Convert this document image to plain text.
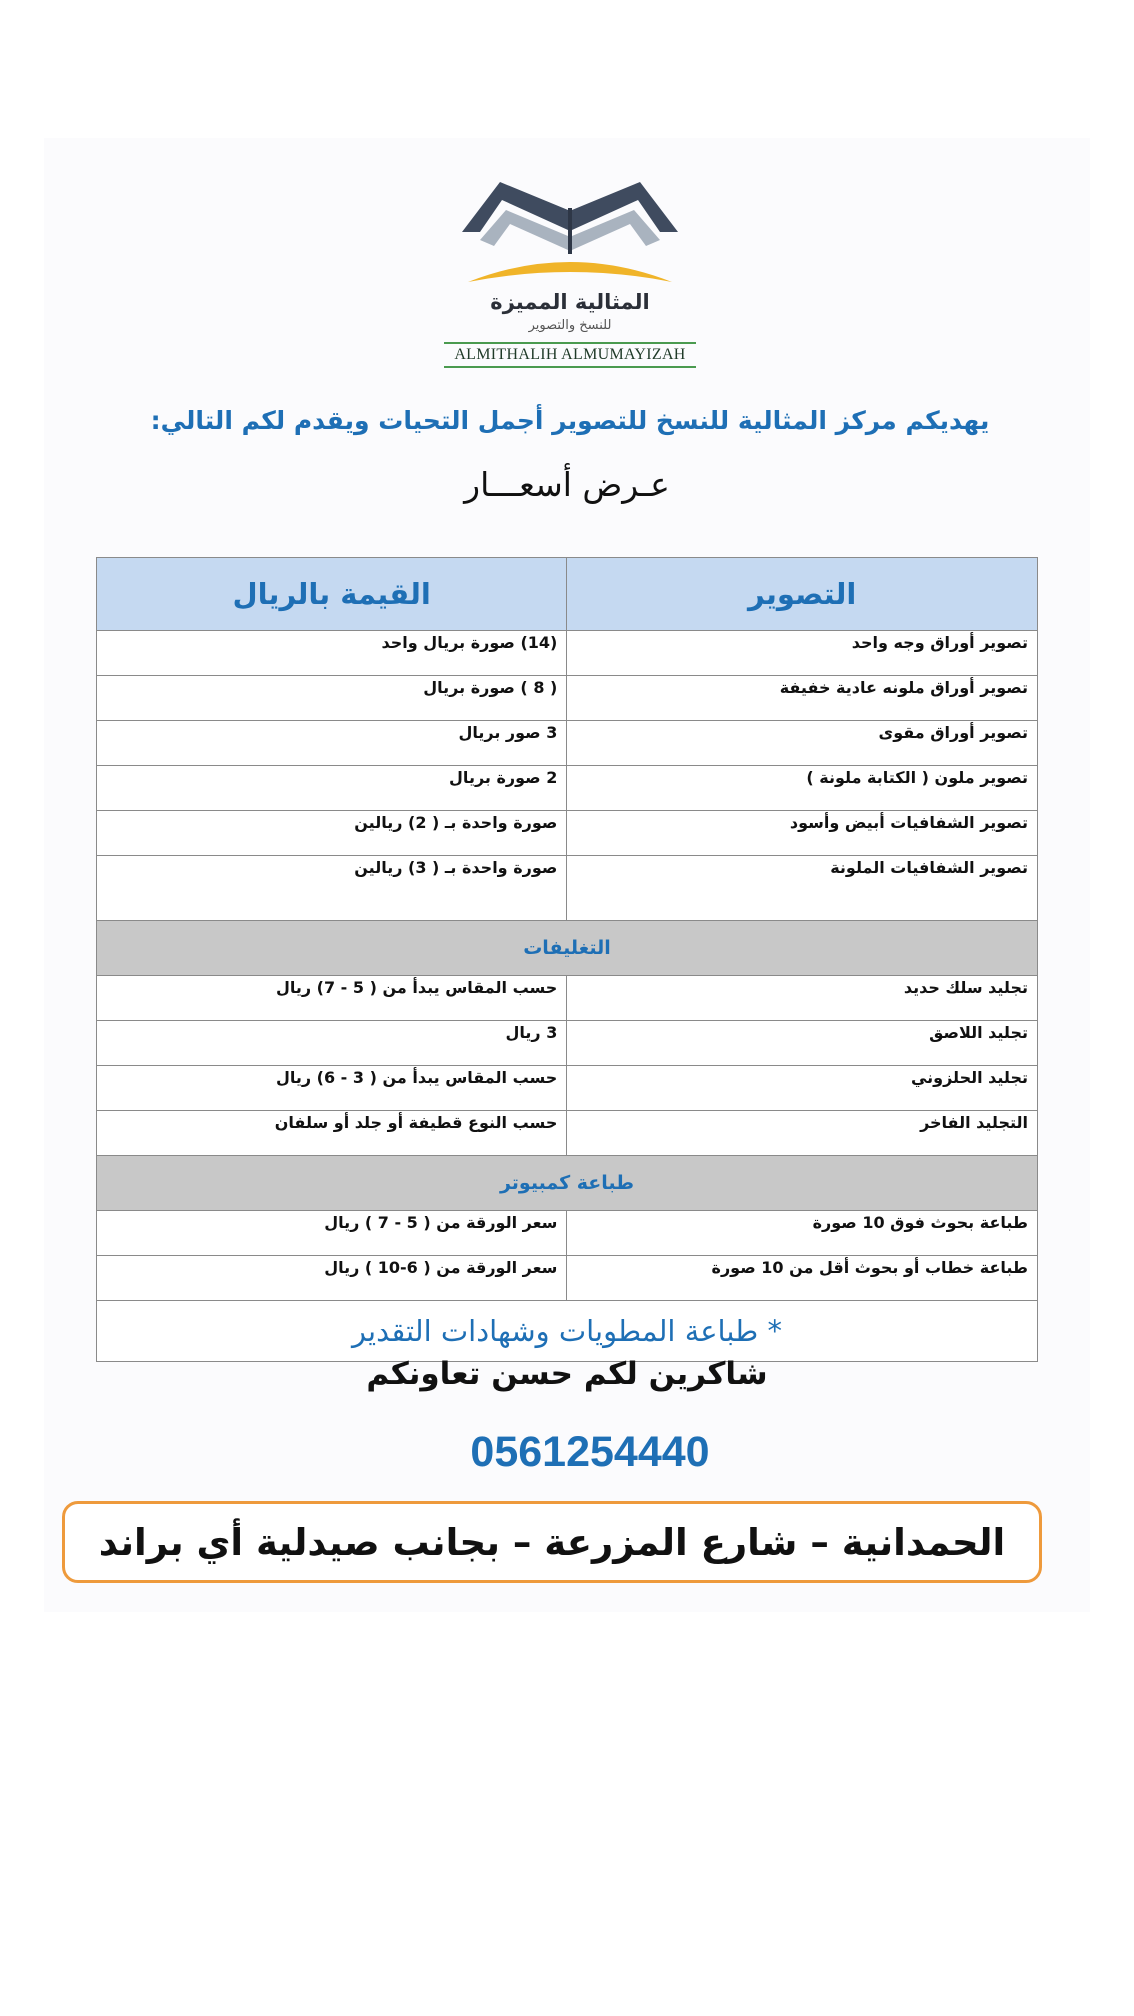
المثالية المميزة
للنسخ والتصوير
ALMITHALIH ALMUMAYIZAH
يهديكم مركز المثالية للنسخ للتصوير أجمل التحيات ويقدم لكم التالي:
عـرض أسعـــار
التصوير	القيمة بالريال
تصوير أوراق وجه واحد	(14) صورة بريال واحد
تصوير أوراق ملونه عادية خفيفة	( 8 ) صورة بريال
تصوير أوراق مقوى	3 صور بريال
تصوير ملون ( الكتابة ملونة )	2 صورة بريال
تصوير الشفافيات أبيض وأسود	صورة واحدة بـ ( 2) ريالين
تصوير الشفافيات الملونة	صورة واحدة بـ ( 3) ريالين
التغليفات	
تجليد سلك حديد	حسب المقاس يبدأ من ( 5 - 7) ريال
تجليد اللاصق	3 ريال
تجليد الحلزوني	حسب المقاس يبدأ من ( 3 - 6) ريال
التجليد الفاخر	حسب النوع قطيفة أو جلد أو سلفان
طباعة كمبيوتر	
طباعة بحوث فوق 10 صورة	سعر الورقة من ( 5 - 7 ) ريال
طباعة خطاب أو بحوث أقل من 10 صورة	سعر الورقة من ( 6-10 ) ريال
* طباعة المطويات وشهادات التقدير	
شاكرين لكم حسن تعاونكم
0561254440
الحمدانية – شارع المزرعة – بجانب صيدلية أي براند
